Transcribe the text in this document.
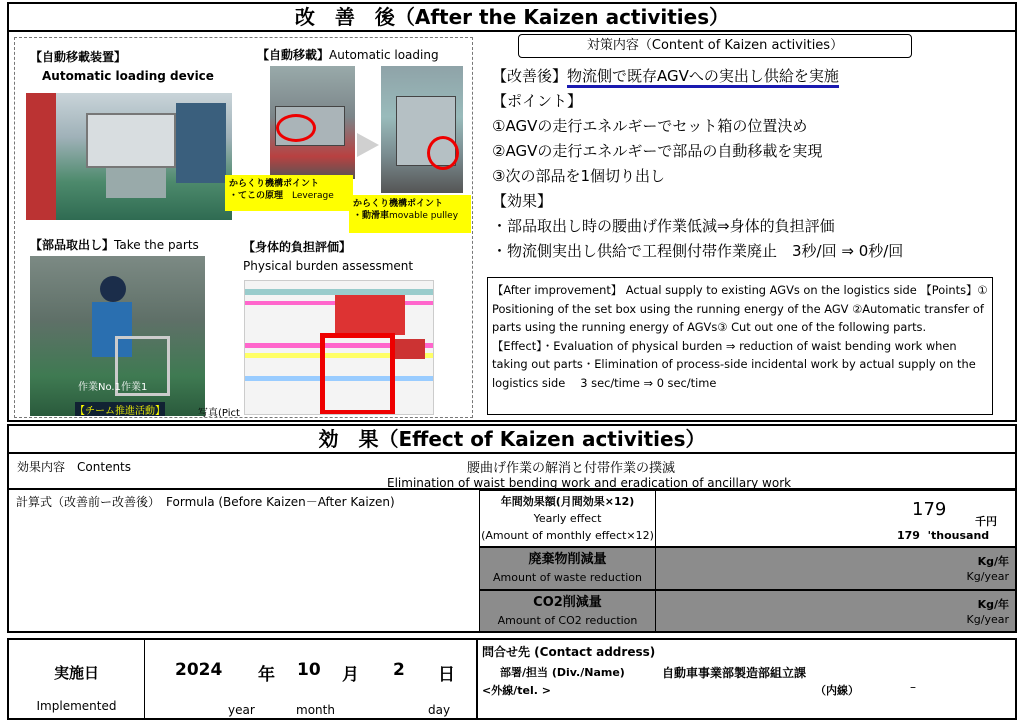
改　善　後（After the Kaizen activities）
【自動移載装置】
Automatic loading device
【自動移載】Automatic loading
からくり機構ポイント
・てこの原理　 Leverage
からくり機構ポイント
・動滑車movable pulley
【部品取出し】Take the parts
作業No.1作業1
【チーム推進活動】	写真(Pict
【身体的負担評価】
Physical burden assessment
対策内容（Content of Kaizen activities）
【改善後】物流側で既存AGVへの実出し供給を実施
【ポイント】
①AGVの走行エネルギーでセット箱の位置決め
②AGVの走行エネルギーで部品の自動移載を実現
③次の部品を1個切り出し
【効果】
・部品取出し時の腰曲げ作業低減⇒身体的負担評価
・物流側実出し供給で工程側付帯作業廃止　3秒/回 ⇒ 0秒/回
【After improvement】 Actual supply to existing AGVs on the logistics side 【Points】① Positioning of the set box using the running energy of the AGV ②Automatic transfer of parts using the running energy of AGVs③ Cut out one of the following parts. 【Effect】・Evaluation of physical burden ⇒ reduction of waist bending work when taking out parts・Elimination of process-side incidental work by actual supply on the logistics side　 3 sec/time ⇒ 0 sec/time
効　果（Effect of Kaizen activities）
効果内容　 Contents	腰曲げ作業の解消と付帯作業の撲滅
Elimination of waist bending work and eradication of ancillary work
計算式（改善前ー改善後）　 Formula (Before Kaizen－After Kaizen)	年間効果額(月間効果×12)
Yearly effect
(Amount of monthly effect×12)
179
千円
179 'thousand
廃棄物削減量
Amount of waste reduction
Kg/年
Kg/year
CO2削減量
Amount of CO2 reduction
Kg/年
Kg/year
実施日
Implemented
2024 年 10 月 2 日
year	month	day
問合せ先 (Contact address)
部署/担当 (Div./Name)	自動車事業部製造部組立課
<外線/tel. >	（内線）	–
